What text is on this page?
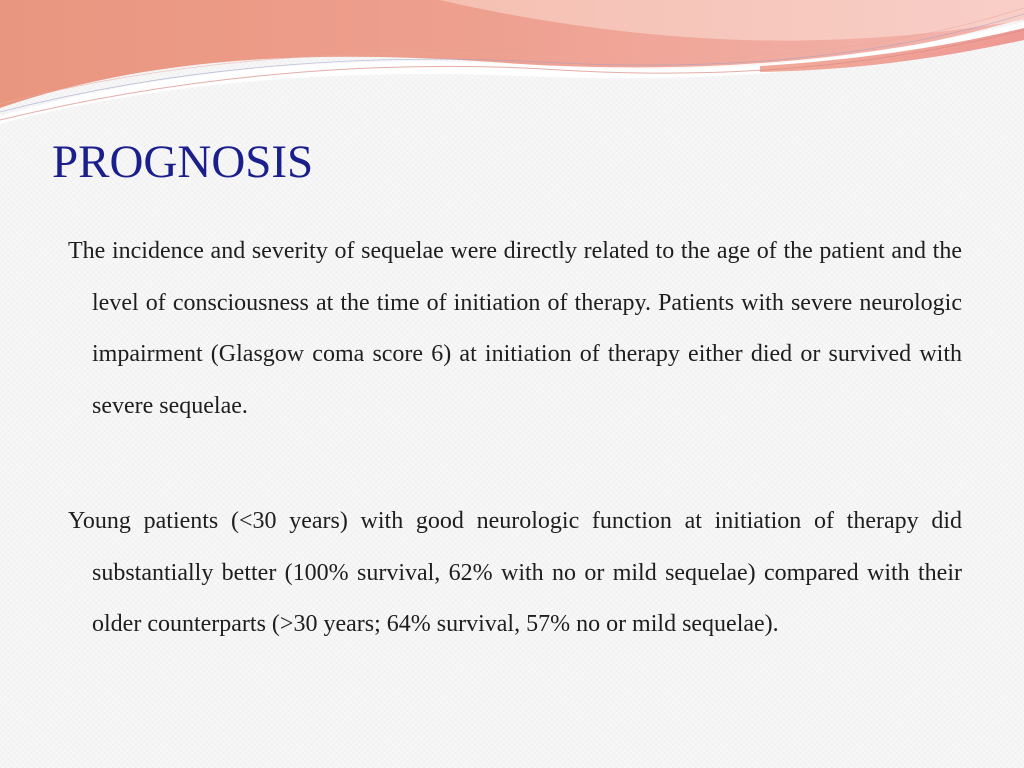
PROGNOSIS

The incidence and severity of sequelae were directly related to the age of the patient and the level of consciousness at the time of initiation of therapy. Patients with severe neurologic impairment (Glasgow coma score 6) at initiation of therapy either died or survived with severe sequelae.

Young patients (<30 years) with good neurologic function at initiation of therapy did substantially better (100% survival, 62% with no or mild sequelae) compared with their older counterparts (>30 years; 64% survival, 57% no or mild sequelae).
